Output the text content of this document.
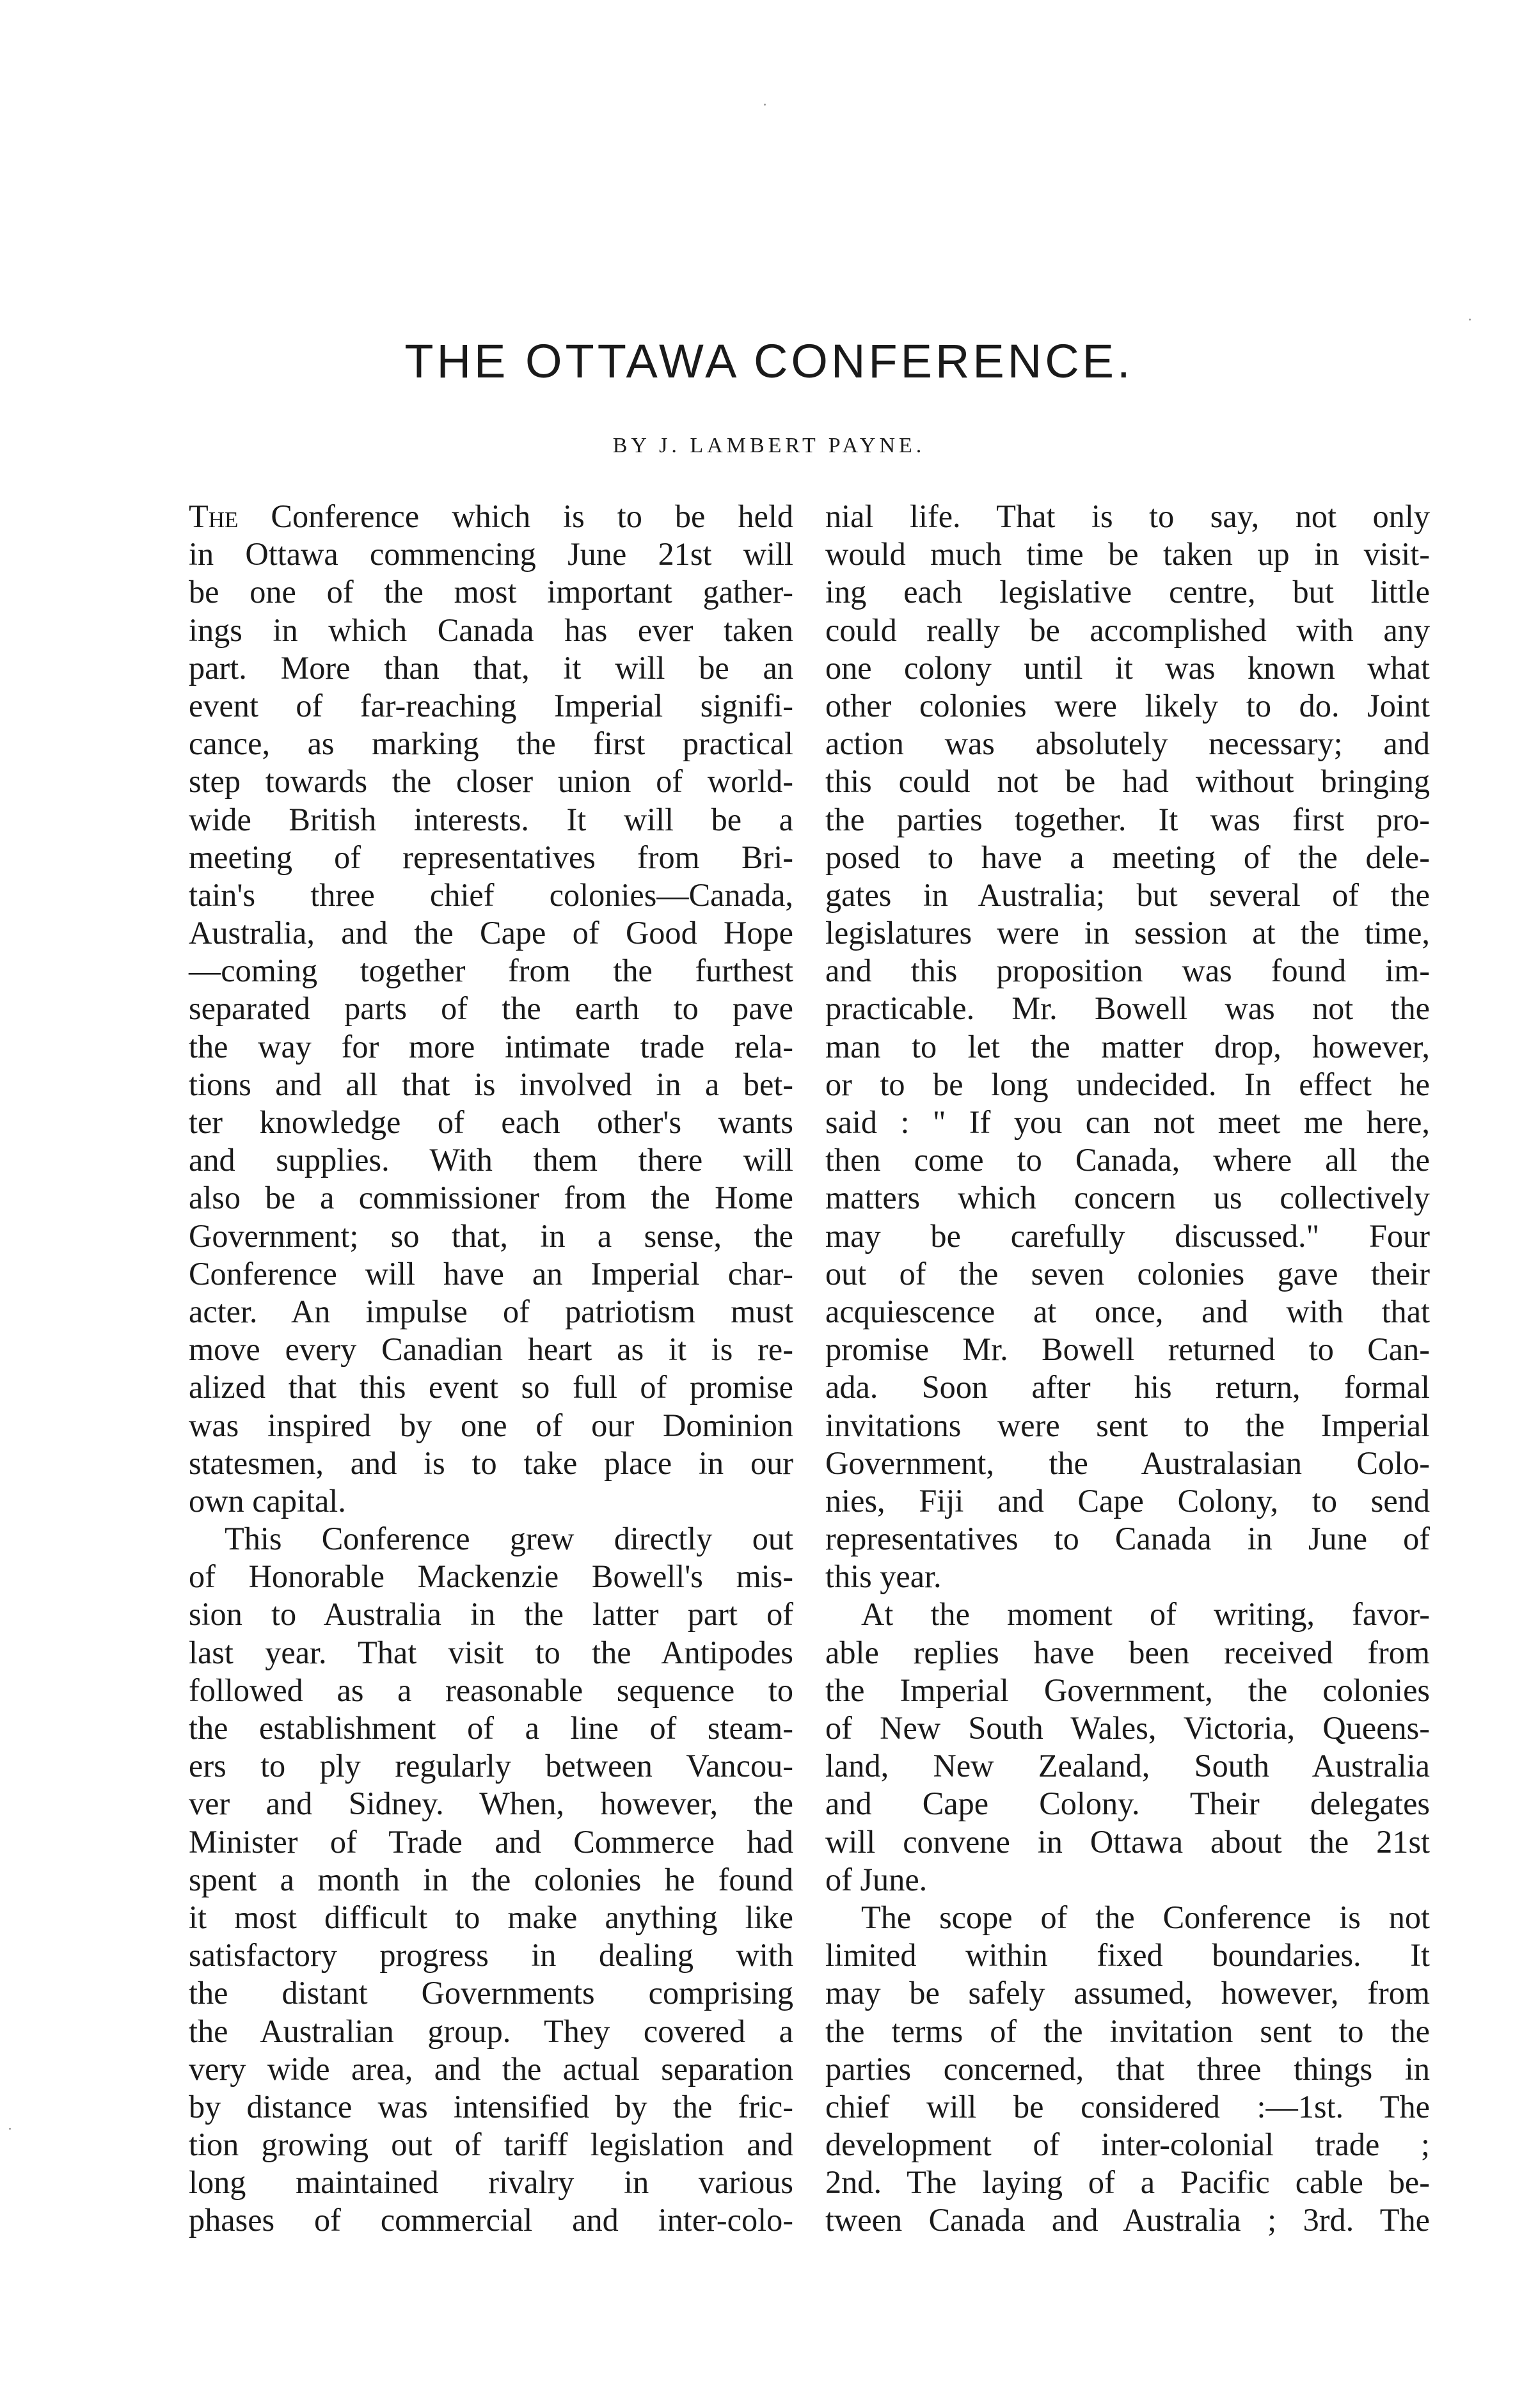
THE OTTAWA CONFERENCE.
BY J. LAMBERT PAYNE.
The Conference which is to be held
in Ottawa commencing June 21st will
be one of the most important gather-
ings in which Canada has ever taken
part. More than that, it will be an
event of far-reaching Imperial signifi-
cance, as marking the first practical
step towards the closer union of world-
wide British interests. It will be a
meeting of representatives from Bri-
tain's three chief colonies—Canada,
Australia, and the Cape of Good Hope
—coming together from the furthest
separated parts of the earth to pave
the way for more intimate trade rela-
tions and all that is involved in a bet-
ter knowledge of each other's wants
and supplies. With them there will
also be a commissioner from the Home
Government; so that, in a sense, the
Conference will have an Imperial char-
acter. An impulse of patriotism must
move every Canadian heart as it is re-
alized that this event so full of promise
was inspired by one of our Dominion
statesmen, and is to take place in our
own capital.
This Conference grew directly out
of Honorable Mackenzie Bowell's mis-
sion to Australia in the latter part of
last year. That visit to the Antipodes
followed as a reasonable sequence to
the establishment of a line of steam-
ers to ply regularly between Vancou-
ver and Sidney. When, however, the
Minister of Trade and Commerce had
spent a month in the colonies he found
it most difficult to make anything like
satisfactory progress in dealing with
the distant Governments comprising
the Australian group. They covered a
very wide area, and the actual separation
by distance was intensified by the fric-
tion growing out of tariff legislation and
long maintained rivalry in various
phases of commercial and inter-colo-
nial life. That is to say, not only
would much time be taken up in visit-
ing each legislative centre, but little
could really be accomplished with any
one colony until it was known what
other colonies were likely to do. Joint
action was absolutely necessary; and
this could not be had without bringing
the parties together. It was first pro-
posed to have a meeting of the dele-
gates in Australia; but several of the
legislatures were in session at the time,
and this proposition was found im-
practicable. Mr. Bowell was not the
man to let the matter drop, however,
or to be long undecided. In effect he
said : " If you can not meet me here,
then come to Canada, where all the
matters which concern us collectively
may be carefully discussed." Four
out of the seven colonies gave their
acquiescence at once, and with that
promise Mr. Bowell returned to Can-
ada. Soon after his return, formal
invitations were sent to the Imperial
Government, the Australasian Colo-
nies, Fiji and Cape Colony, to send
representatives to Canada in June of
this year.
At the moment of writing, favor-
able replies have been received from
the Imperial Government, the colonies
of New South Wales, Victoria, Queens-
land, New Zealand, South Australia
and Cape Colony. Their delegates
will convene in Ottawa about the 21st
of June.
The scope of the Conference is not
limited within fixed boundaries. It
may be safely assumed, however, from
the terms of the invitation sent to the
parties concerned, that three things in
chief will be considered :—1st. The
development of inter-colonial trade ;
2nd. The laying of a Pacific cable be-
tween Canada and Australia ; 3rd. The
